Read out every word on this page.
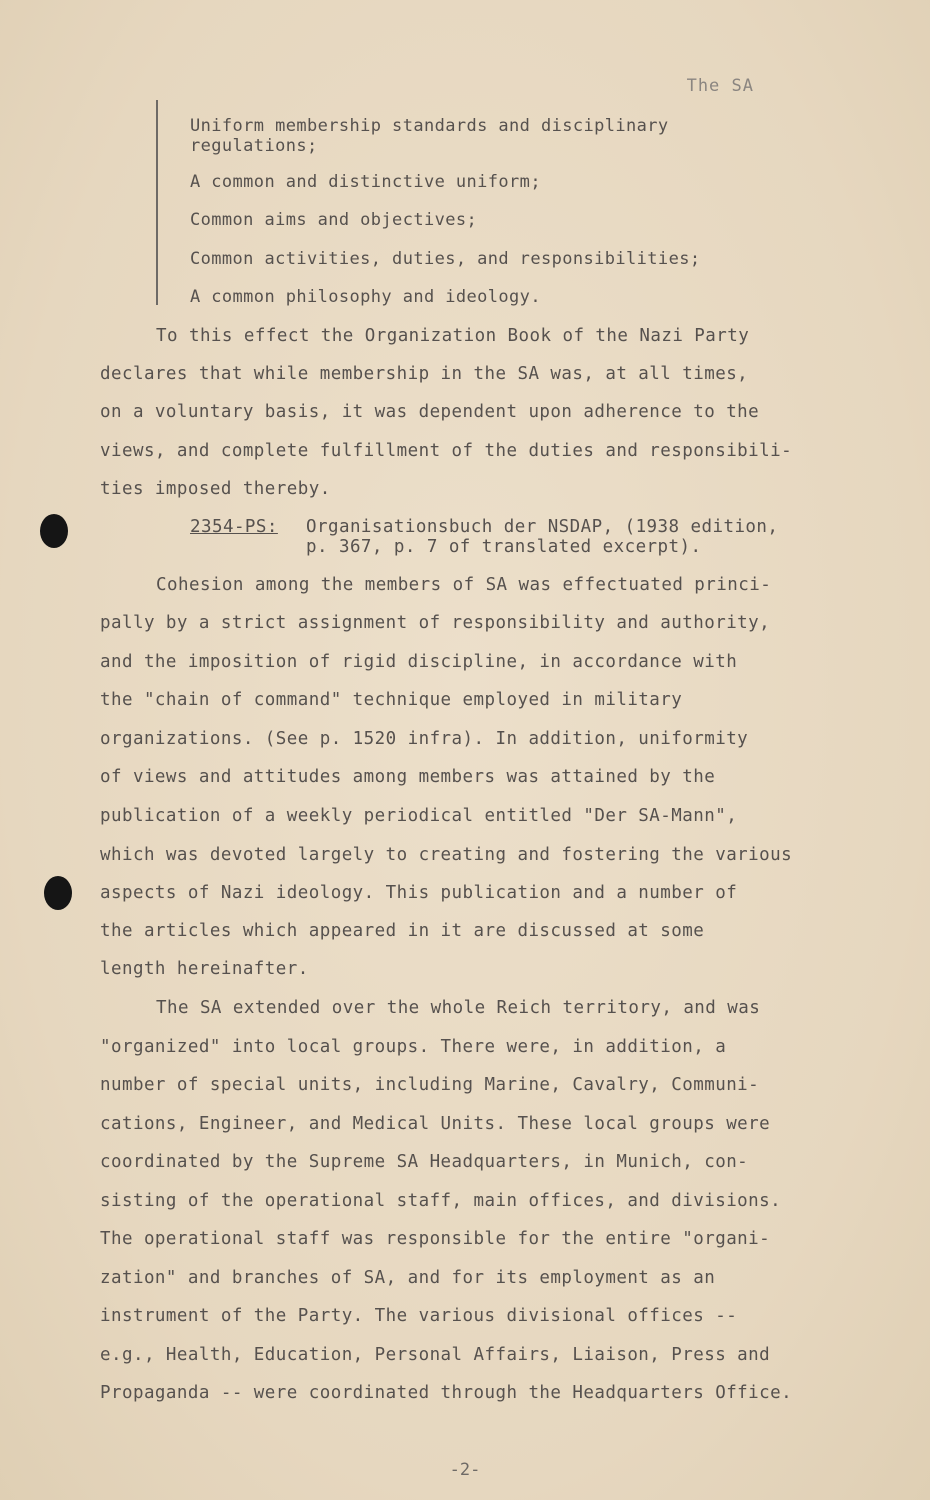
The SA
Uniform membership standards and disciplinary regulations;
A common and distinctive uniform;
Common aims and objectives;
Common activities, duties, and responsibilities;
A common philosophy and ideology.
To this effect the Organization Book of the Nazi Party
declares that while membership in the SA was, at all times,
on a voluntary basis, it was dependent upon adherence to the
views, and complete fulfillment of the duties and responsibili-
ties imposed thereby.
2354-PS: Organisationsbuch der NSDAP, (1938 edition,
p. 367, p. 7 of translated excerpt).
Cohesion among the members of SA was effectuated princi-
pally by a strict assignment of responsibility and authority,
and the imposition of rigid discipline, in accordance with
the "chain of command" technique employed in military
organizations. (See p. 1520 infra). In addition, uniformity
of views and attitudes among members was attained by the
publication of a weekly periodical entitled "Der SA-Mann",
which was devoted largely to creating and fostering the various
aspects of Nazi ideology. This publication and a number of
the articles which appeared in it are discussed at some
length hereinafter.
The SA extended over the whole Reich territory, and was
"organized" into local groups. There were, in addition, a
number of special units, including Marine, Cavalry, Communi-
cations, Engineer, and Medical Units. These local groups were
coordinated by the Supreme SA Headquarters, in Munich, con-
sisting of the operational staff, main offices, and divisions.
The operational staff was responsible for the entire "organi-
zation" and branches of SA, and for its employment as an
instrument of the Party. The various divisional offices --
e.g., Health, Education, Personal Affairs, Liaison, Press and
Propaganda -- were coordinated through the Headquarters Office.
-2-
